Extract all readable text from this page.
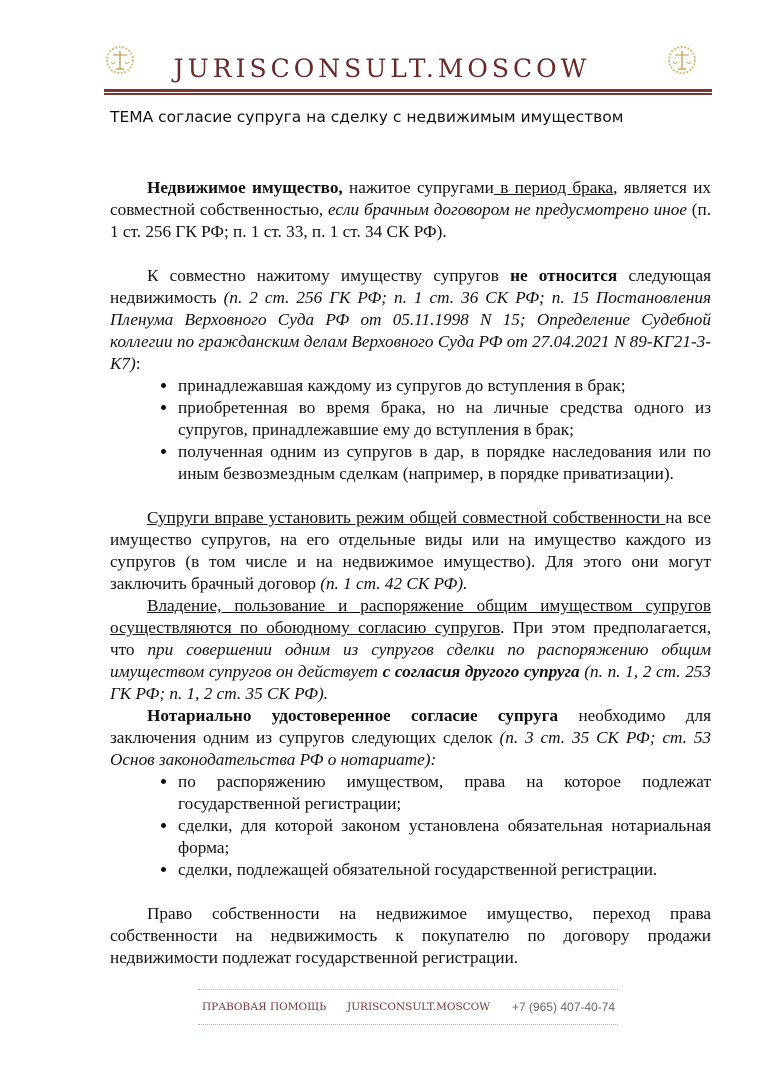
JURISCONSULT.MOSCOW
ТЕМА согласие супруга на сделку с недвижимым имуществом

Недвижимое имущество, нажитое супругами в период брака, является их совместной собственностью, если брачным договором не предусмотрено иное (п. 1 ст. 256 ГК РФ; п. 1 ст. 33, п. 1 ст. 34 СК РФ).

К совместно нажитому имуществу супругов не относится следующая недвижимость (п. 2 ст. 256 ГК РФ; п. 1 ст. 36 СК РФ; п. 15 Постановления Пленума Верховного Суда РФ от 05.11.1998 N 15; Определение Судебной коллегии по гражданским делам Верховного Суда РФ от 27.04.2021 N 89-КГ21-3-К7):

• принадлежавшая каждому из супругов до вступления в брак;
• приобретенная во время брака, но на личные средства одного из супругов, принадлежавшие ему до вступления в брак;
• полученная одним из супругов в дар, в порядке наследования или по иным безвозмездным сделкам (например, в порядке приватизации).

Супруги вправе установить режим общей совместной собственности на все имущество супругов, на его отдельные виды или на имущество каждого из супругов (в том числе и на недвижимое имущество). Для этого они могут заключить брачный договор (п. 1 ст. 42 СК РФ).

Владение, пользование и распоряжение общим имуществом супругов осуществляются по обоюдному согласию супругов. При этом предполагается, что при совершении одним из супругов сделки по распоряжению общим имуществом супругов он действует с согласия другого супруга (п. п. 1, 2 ст. 253 ГК РФ; п. 1, 2 ст. 35 СК РФ).

Нотариально удостоверенное согласие супруга необходимо для заключения одним из супругов следующих сделок (п. 3 ст. 35 СК РФ; ст. 53 Основ законодательства РФ о нотариате):

• по распоряжению имуществом, права на которое подлежат государственной регистрации;
• сделки, для которой законом установлена обязательная нотариальная форма;
• сделки, подлежащей обязательной государственной регистрации.

Право собственности на недвижимое имущество, переход права собственности на недвижимость к покупателю по договору продажи недвижимости подлежат государственной регистрации.

ПРАВОВАЯ ПОМОЩЬ	JURISCONSULT.MOSCOW	+7 (965) 407-40-74
